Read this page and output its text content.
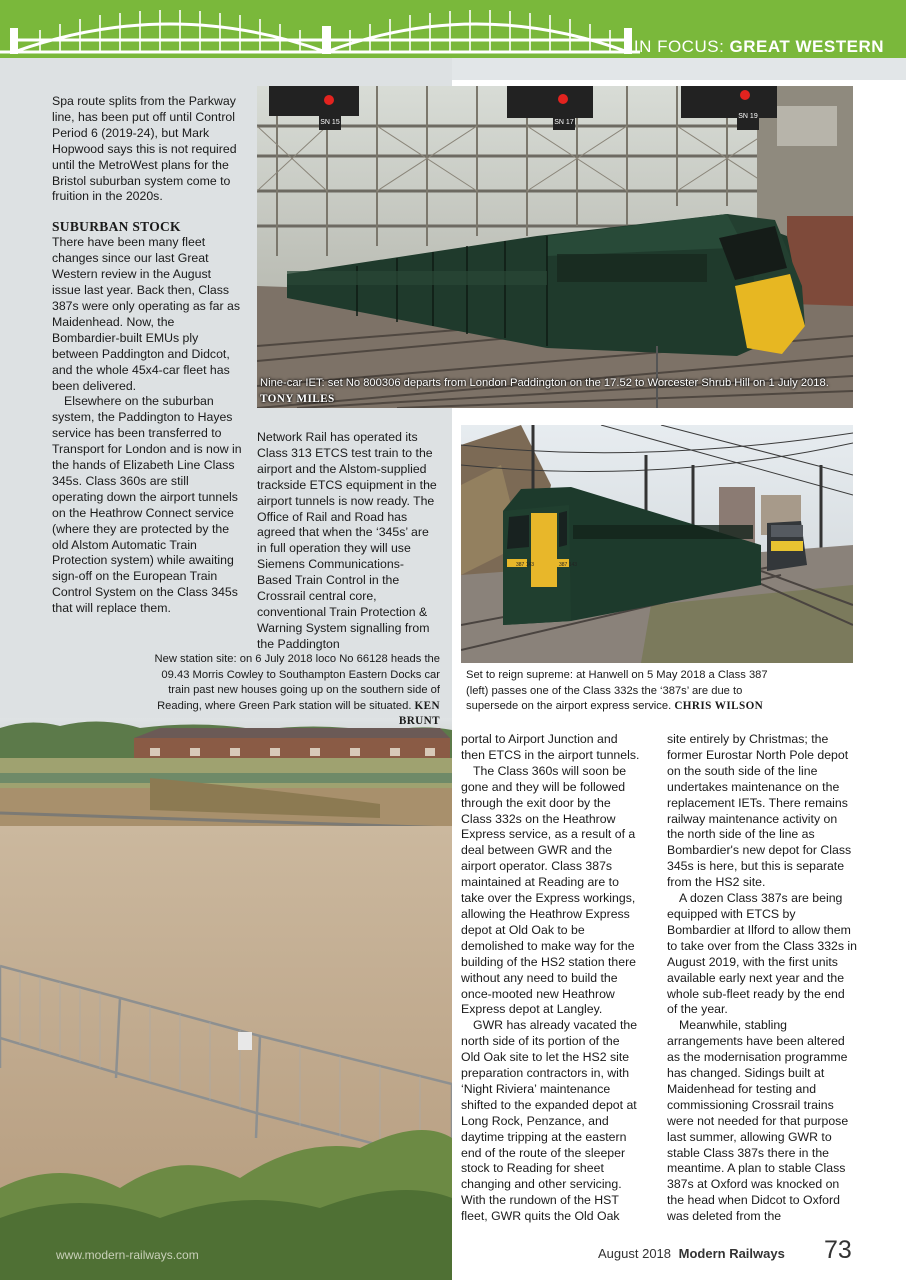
IN FOCUS: GREAT WESTERN
SN 15	SN 17
SN 19
Nine-car IET: set No 800306 departs from London Paddington on the 17.52 to Worcester Shrub Hill on 1 July 2018. TONY MILES
387 143	387 143
www.modern-railways.com

Spa route splits from the Parkway line, has been put off until Control Period 6 (2019-24), but Mark Hopwood says this is not required until the MetroWest plans for the Bristol suburban system come to fruition in the 2020s.

SUBURBAN STOCK

There have been many fleet changes since our last Great Western review in the August issue last year. Back then, Class 387s were only operating as far as Maidenhead. Now, the Bombardier-built EMUs ply between Paddington and Didcot, and the whole 45x4-car fleet has been delivered.

Elsewhere on the suburban system, the Paddington to Hayes service has been transferred to Transport for London and is now in the hands of Elizabeth Line Class 345s. Class 360s are still operating down the airport tunnels on the Heathrow Connect service (where they are protected by the old Alstom Automatic Train Protection system) while awaiting sign-off on the European Train Control System on the Class 345s that will replace them.

Network Rail has operated its Class 313 ETCS test train to the airport and the Alstom-supplied trackside ETCS equipment in the airport tunnels is now ready. The Office of Rail and Road has agreed that when the ‘345s’ are in full operation they will use Siemens Communications-Based Train Control in the Crossrail central core, conventional Train Protection & Warning System signalling from the Paddington

New station site: on 6 July 2018 loco No 66128 heads the 09.43 Morris Cowley to Southampton Eastern Docks car train past new houses going up on the southern side of Reading, where Green Park station will be situated. KEN BRUNT
Set to reign supreme: at Hanwell on 5 May 2018 a Class 387 (left) passes one of the Class 332s the ‘387s’ are due to supersede on the airport express service. CHRIS WILSON

portal to Airport Junction and then ETCS in the airport tunnels.

The Class 360s will soon be gone and they will be followed through the exit door by the Class 332s on the Heathrow Express service, as a result of a deal between GWR and the airport operator. Class 387s maintained at Reading are to take over the Express workings, allowing the Heathrow Express depot at Old Oak to be demolished to make way for the building of the HS2 station there without any need to build the once-mooted new Heathrow Express depot at Langley.

GWR has already vacated the north side of its portion of the Old Oak site to let the HS2 site preparation contractors in, with ‘Night Riviera’ maintenance shifted to the expanded depot at Long Rock, Penzance, and daytime tripping at the eastern end of the route of the sleeper stock to Reading for sheet changing and other servicing. With the rundown of the HST fleet, GWR quits the Old Oak

site entirely by Christmas; the former Eurostar North Pole depot on the south side of the line undertakes maintenance on the replacement IETs. There remains railway maintenance activity on the north side of the line as Bombardier's new depot for Class 345s is here, but this is separate from the HS2 site.

A dozen Class 387s are being equipped with ETCS by Bombardier at Ilford to allow them to take over from the Class 332s in August 2019, with the first units available early next year and the whole sub-fleet ready by the end of the year.

Meanwhile, stabling arrangements have been altered as the modernisation programme has changed. Sidings built at Maidenhead for testing and commissioning Crossrail trains were not needed for that purpose last summer, allowing GWR to stable Class 387s there in the meantime. A plan to stable Class 387s at Oxford was knocked on the head when Didcot to Oxford was deleted from the

August 2018 Modern Railways 73
